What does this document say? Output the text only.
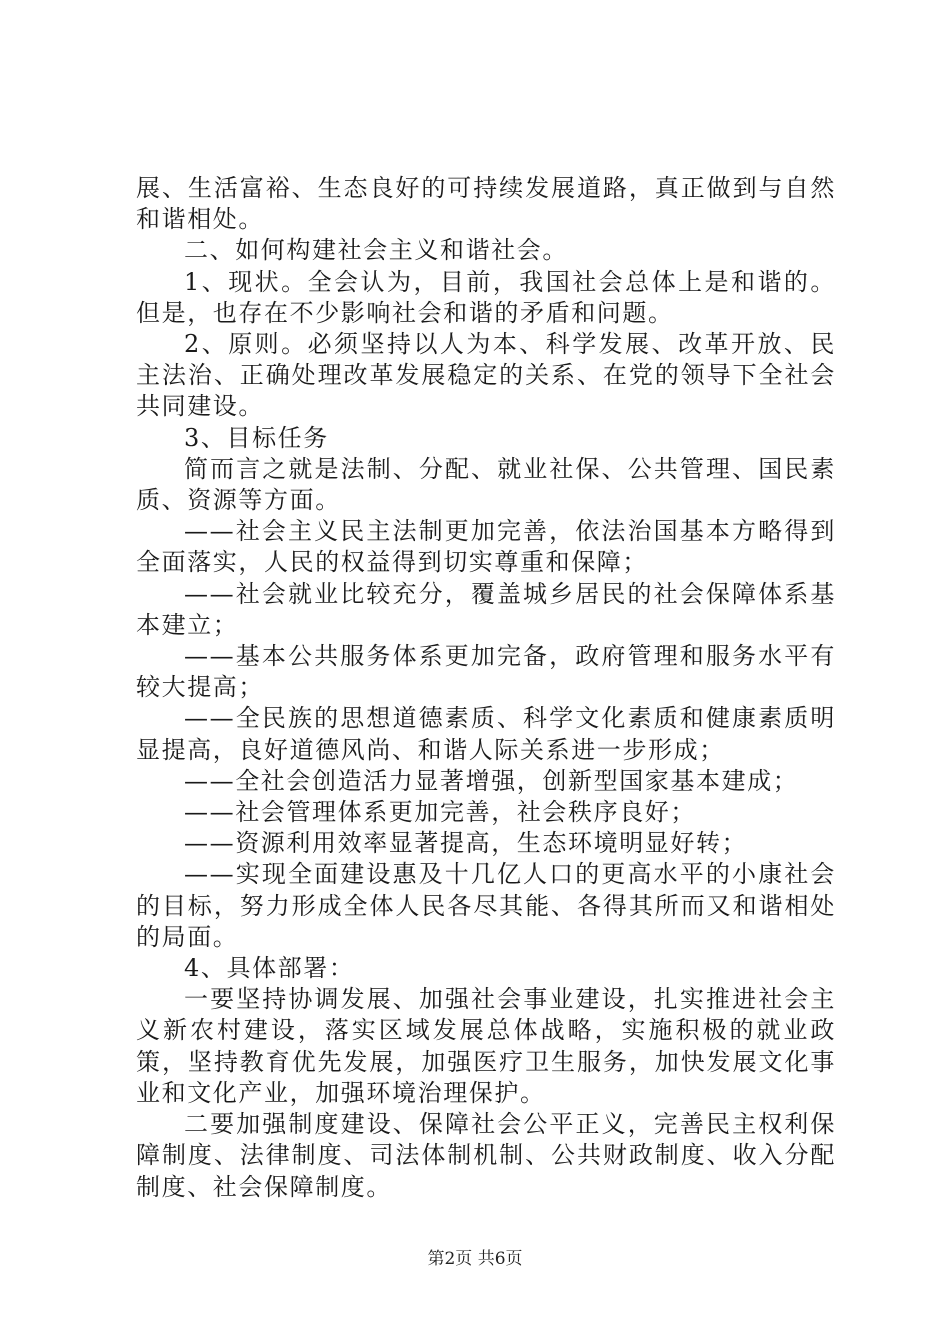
展、生活富裕、生态良好的可持续发展道路，真正做到与自然和谐相处。

二、如何构建社会主义和谐社会。

1、现状。全会认为，目前，我国社会总体上是和谐的。但是，也存在不少影响社会和谐的矛盾和问题。

2、原则。必须坚持以人为本、科学发展、改革开放、民主法治、正确处理改革发展稳定的关系、在党的领导下全社会共同建设。

3、目标任务

简而言之就是法制、分配、就业社保、公共管理、国民素质、资源等方面。

——社会主义民主法制更加完善，依法治国基本方略得到全面落实，人民的权益得到切实尊重和保障；

——社会就业比较充分，覆盖城乡居民的社会保障体系基本建立；

——基本公共服务体系更加完备，政府管理和服务水平有较大提高；

——全民族的思想道德素质、科学文化素质和健康素质明显提高，良好道德风尚、和谐人际关系进一步形成；

——全社会创造活力显著增强，创新型国家基本建成；

——社会管理体系更加完善，社会秩序良好；

——资源利用效率显著提高，生态环境明显好转；

——实现全面建设惠及十几亿人口的更高水平的小康社会的目标，努力形成全体人民各尽其能、各得其所而又和谐相处的局面。

4、具体部署：

一要坚持协调发展、加强社会事业建设，扎实推进社会主义新农村建设，落实区域发展总体战略，实施积极的就业政策，坚持教育优先发展，加强医疗卫生服务，加快发展文化事业和文化产业，加强环境治理保护。

二要加强制度建设、保障社会公平正义，完善民主权利保障制度、法律制度、司法体制机制、公共财政制度、收入分配制度、社会保障制度。

第2页 共6页
